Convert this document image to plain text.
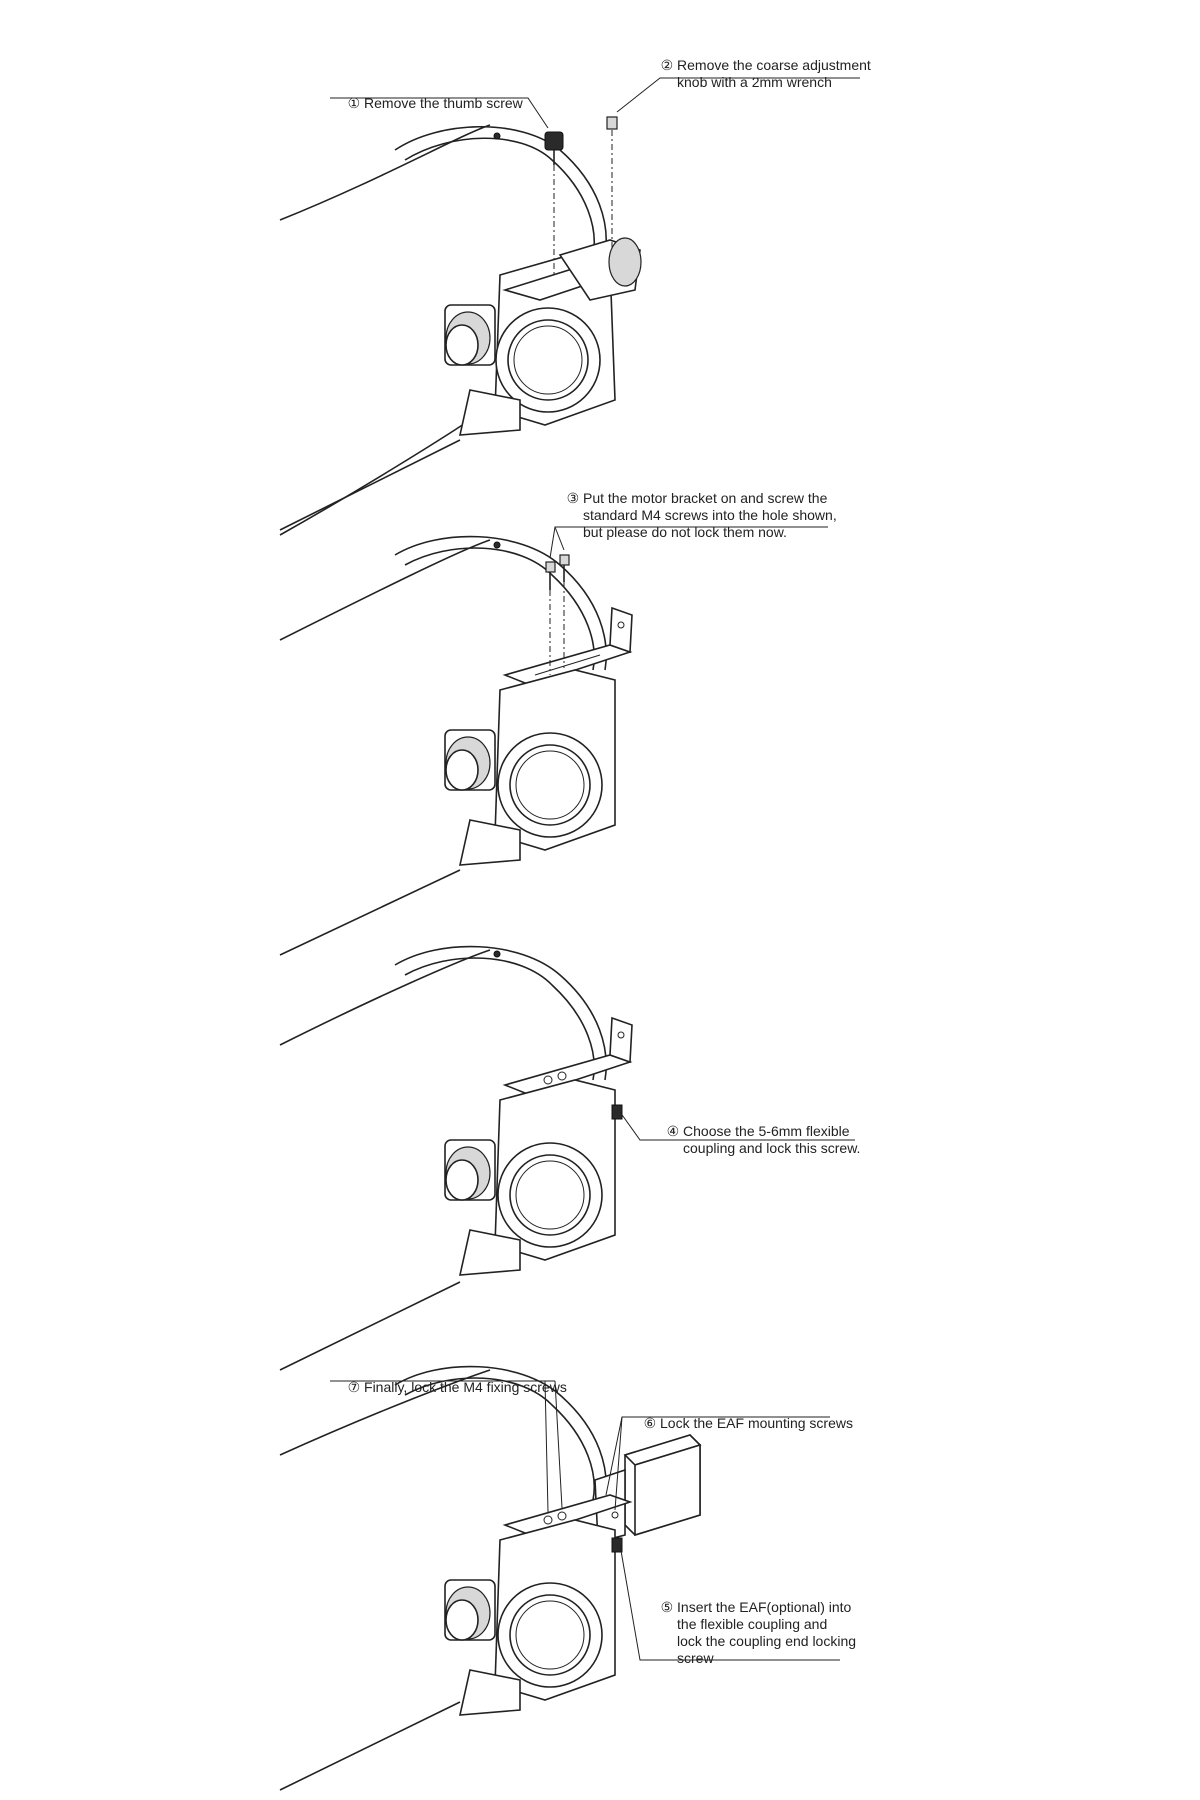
① Remove the thumb screw

② Remove the coarse adjustment
knob with a 2mm wrench

③ Put the motor bracket on and screw the
standard M4 screws into the hole shown,
but please do not lock them now.

④ Choose the 5-6mm flexible
coupling and lock this screw.

⑦ Finally, lock the M4 fixing screws

⑥ Lock the EAF mounting screws

⑤ Insert the EAF(optional) into
the flexible coupling and
lock the coupling end locking
screw
